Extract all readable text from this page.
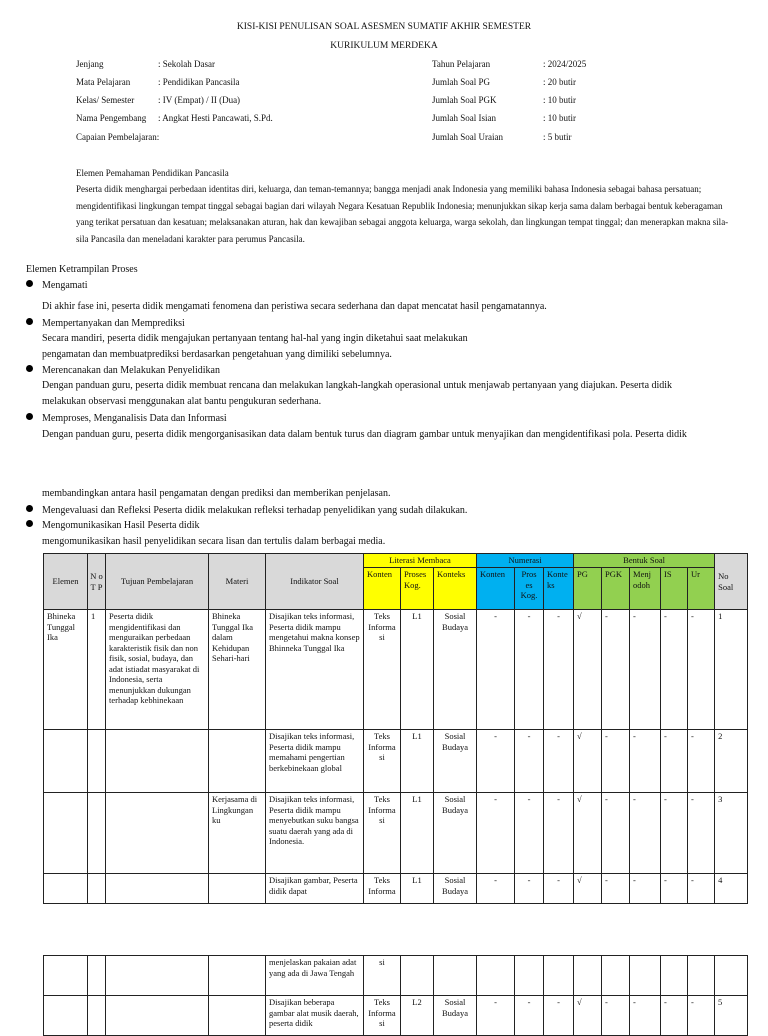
KISI-KISI PENULISAN SOAL ASESMEN SUMATIF AKHIR SEMESTER
KURIKULUM MERDEKA
Jenjang	: Sekolah Dasar
Mata Pelajaran	: Pendidikan Pancasila
Kelas/ Semester	: IV (Empat) / II (Dua)
Nama Pengembang : Angkat Hesti Pancawati, S.Pd.
Capaian Pembelajaran:
Tahun Pelajaran	: 2024/2025
Jumlah Soal PG	: 20 butir
Jumlah Soal PGK	: 10 butir
Jumlah Soal Isian	: 10 butir
Jumlah Soal Uraian	: 5 butir
Elemen Pemahaman Pendidikan Pancasila
Peserta didik menghargai perbedaan identitas diri, keluarga, dan teman-temannya; bangga menjadi anak Indonesia yang memiliki bahasa Indonesia sebagai bahasa persatuan;
mengidentifikasi lingkungan tempat tinggal sebagai bagian dari wilayah Negara Kesatuan Republik Indonesia; menunjukkan sikap kerja sama dalam berbagai bentuk keberagaman
yang terikat persatuan dan kesatuan; melaksanakan aturan, hak dan kewajiban sebagai anggota keluarga, warga sekolah, dan lingkungan tempat tinggal; dan menerapkan makna sila-
sila Pancasila dan meneladani karakter para perumus Pancasila.
Elemen Ketrampilan Proses
Mengamati
Di akhir fase ini, peserta didik mengamati fenomena dan peristiwa secara sederhana dan dapat mencatat hasil pengamatannya.
Mempertanyakan dan Memprediksi
Secara mandiri, peserta didik mengajukan pertanyaan tentang hal-hal yang ingin diketahui saat melakukan
pengamatan dan membuatprediksi berdasarkan pengetahuan yang dimiliki sebelumnya.
Merencanakan dan Melakukan Penyelidikan
Dengan panduan guru, peserta didik membuat rencana dan melakukan langkah-langkah operasional untuk menjawab pertanyaan yang diajukan. Peserta didik
melakukan observasi menggunakan alat bantu pengukuran sederhana.
Memproses, Menganalisis Data dan Informasi
Dengan panduan guru, peserta didik mengorganisasikan data dalam bentuk turus dan diagram gambar untuk menyajikan dan mengidentifikasi pola. Peserta didik
membandingkan antara hasil pengamatan dengan prediksi dan memberikan penjelasan.
Mengevaluasi dan Refleksi Peserta didik melakukan refleksi terhadap penyelidikan yang sudah dilakukan.
Mengomunikasikan Hasil Peserta didik
mengomunikasikan hasil penyelidikan secara lisan dan tertulis dalam berbagai media.
Elemen	N o T P	Tujuan Pembelajaran	Materi	Indikator Soal	Literasi Membaca			Numerasi			Bentuk Soal					No Soal
					Konten	Proses Kog.	Konteks	Konten	Pros es Kog.	Konte ks	PG	PGK	Menj odoh	IS	Ur	
Bhineka Tunggal Ika	1	Peserta didik mengidentifikasi dan menguraikan perbedaan karakteristik fisik dan non fisik, sosial, budaya, dan adat istiadat masyarakat di Indonesia, serta menunjukkan dukungan terhadap kebhinekaan	Bhineka Tunggal Ika dalam Kehidupan Sehari-hari	Disajikan teks informasi, Peserta didik mampu mengetahui makna konsep Bhinneka Tunggal Ika	Teks Informa si	L1	Sosial Budaya	-	-	-	√	-	-	-	-	1
				Disajikan teks informasi, Peserta didik mampu memahami pengertian berkebinekaan global	Teks Informa si	L1	Sosial Budaya	-	-	-	√	-	-	-	-	2
			Kerjasama di Lingkungan ku	Disajikan teks informasi, Peserta didik mampu menyebutkan suku bangsa suatu daerah yang ada di Indonesia.	Teks Informa si	L1	Sosial Budaya	-	-	-	√	-	-	-	-	3
				Disajikan gambar, Peserta didik dapat	Teks Informa	L1	Sosial Budaya	-	-	-	√	-	-	-	-	4
				menjelaskan pakaian adat yang ada di Jawa Tengah	si											
				Disajikan beberapa gambar alat musik daerah, peserta didik	Teks Informa si	L2	Sosial Budaya	-	-	-	√	-	-	-	-	5
